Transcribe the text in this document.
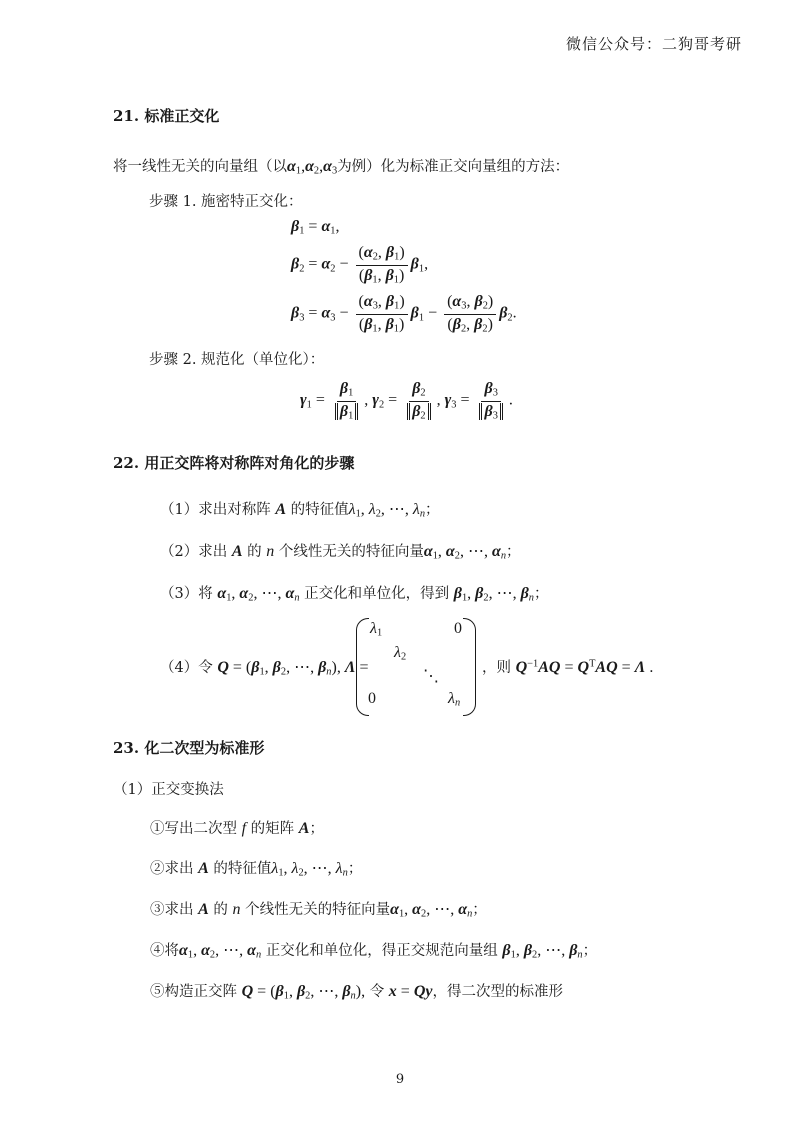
微信公众号：二狗哥考研
21. 标准正交化
将一线性无关的向量组（以$\alpha_1,\alpha_2,\alpha_3$为例）化为标准正交向量组的方法：
步骤 1. 施密特正交化：
$\beta_1 = \alpha_1$,
$\beta_2 = \alpha_2 - \frac{(\alpha_2, \beta_1)}{(\beta_1, \beta_1)} \beta_1$,
$\beta_3 = \alpha_3 - \frac{(\alpha_3, \beta_1)}{(\beta_1, \beta_1)} \beta_1 - \frac{(\alpha_3, \beta_2)}{(\beta_2, \beta_2)} \beta_2$.
步骤 2. 规范化（单位化）：
$\gamma_1 = \frac{\beta_1}{\beta_1}$ , $\gamma_2 = \frac{\beta_2}{\beta_2}$ , $\gamma_3 = \frac{\beta_3}{\beta_3}$ .
22. 用正交阵将对称阵对角化的步骤
（1）求出对称阵 A 的特征值$\lambda_1$, $\lambda_2$, ⋯, $\lambda_n$；
（2）求出 A 的 n 个线性无关的特征向量$\alpha_1$, $\alpha_2$, ⋯, $\alpha_n$；
（3）将 $\alpha_1$, $\alpha_2$, ⋯, $\alpha_n$ 正交化和单位化，得到 $\beta_1$, $\beta_2$, ⋯, $\beta_n$；
（4）令 $Q = (\beta_1$, $\beta_2$, ⋯, $\beta_n$), Λ =
$\lambda_1$	0
$\lambda_2$
⋱
0	$\lambda_n$
，则 $Q^{-1}AQ = Q^TAQ = \Lambda$ .
23. 化二次型为标准形
（1）正交变换法
①写出二次型 f 的矩阵 A；
②求出 A 的特征值$\lambda_1$, $\lambda_2$, ⋯, $\lambda_n$；
③求出 A 的 n 个线性无关的特征向量$\alpha_1$, $\alpha_2$, ⋯, $\alpha_n$；
④将$\alpha_1$, $\alpha_2$, ⋯, $\alpha_n$ 正交化和单位化，得正交规范向量组 $\beta_1$, $\beta_2$, ⋯, $\beta_n$；
⑤构造正交阵 $Q = (\beta_1$, $\beta_2$, ⋯, $\beta_n$), 令 x = Qy，得二次型的标准形
9
